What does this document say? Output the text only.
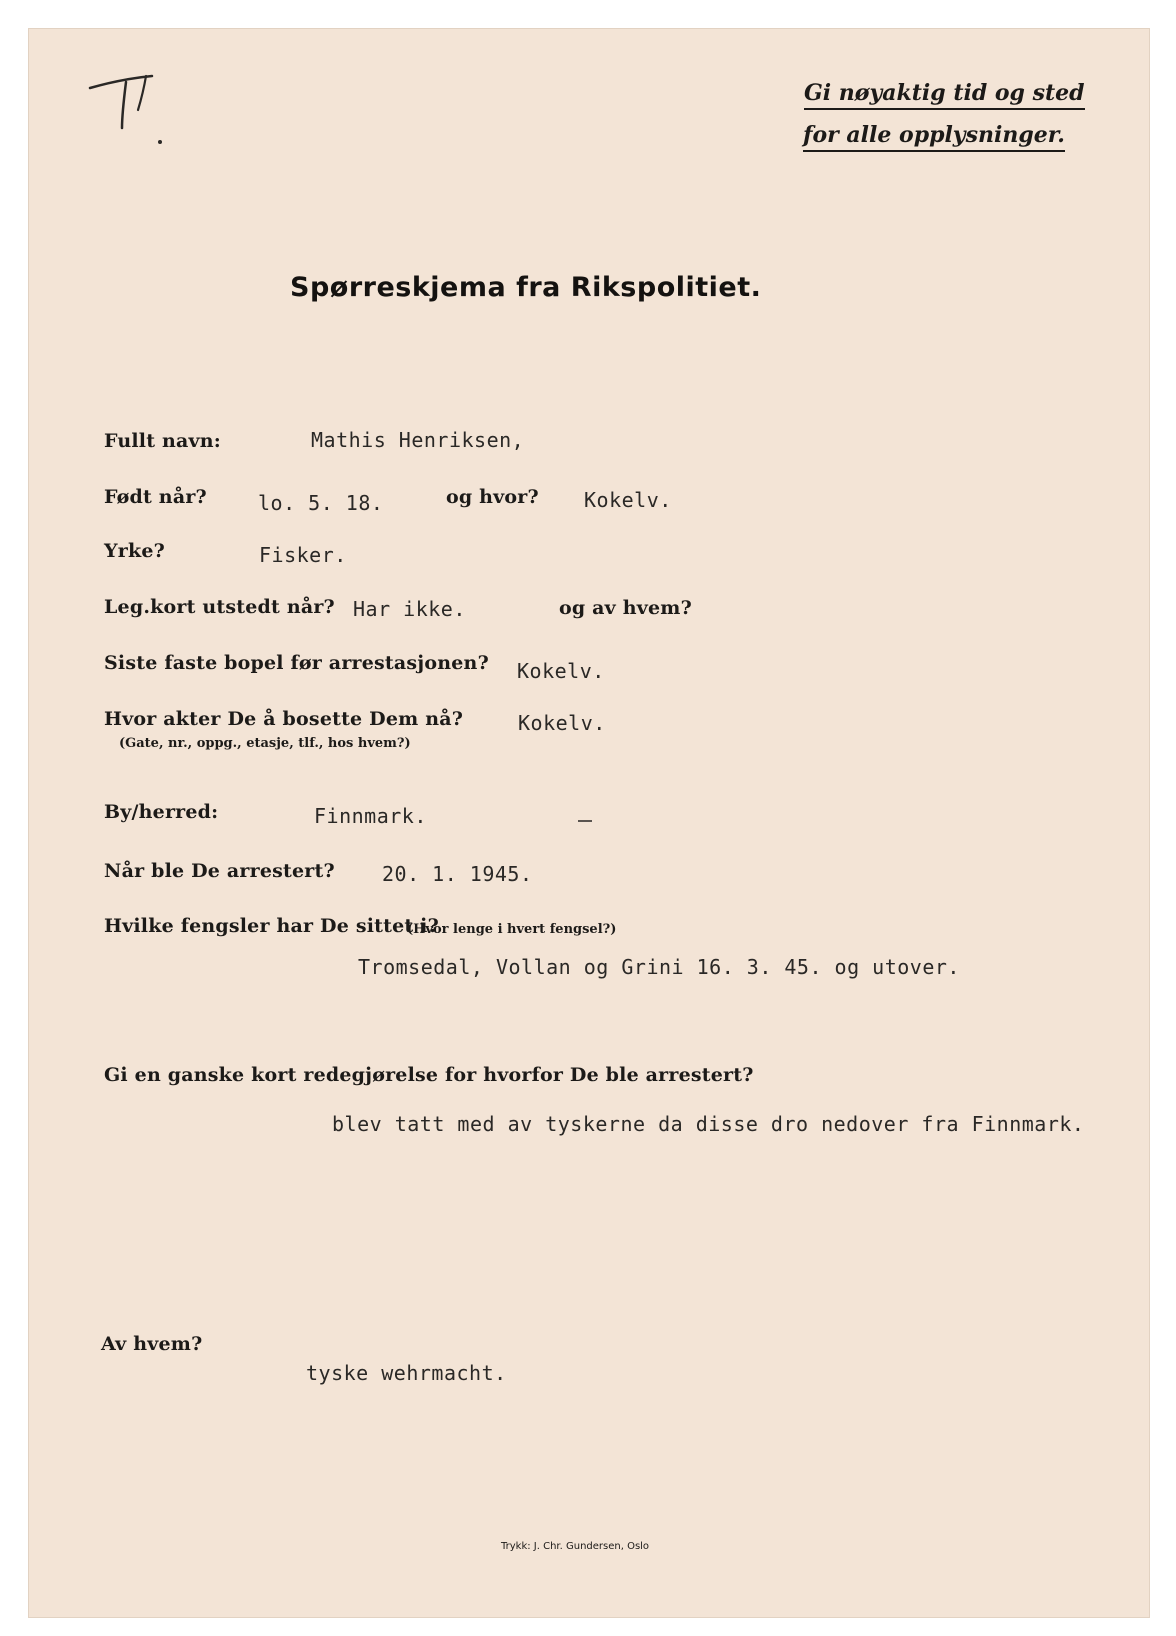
Gi nøyaktig tid og sted
for alle opplysninger.
Spørreskjema fra Rikspolitiet.
Fullt navn:	Mathis Henriksen,
Født når?	lo. 5. 18.	og hvor? Kokelv.
Yrke?	Fisker.
Leg.kort utstedt når? Har ikke.	og av hvem?
Siste faste bopel før arrestasjonen? Kokelv.
Hvor akter De å bosette Dem nå?
(Gate, nr., oppg., etasje, tlf., hos hvem?)
Kokelv.
By/herred:	Finnmark.
Når ble De arrestert? 20. 1. 1945.
Hvilke fengsler har De sittet i?
(Hvor lenge i hvert fengsel?)
Tromsedal, Vollan og Grini 16. 3. 45. og utover.
Gi en ganske kort redegjørelse for hvorfor De ble arrestert?
blev tatt med av tyskerne da disse dro nedover fra Finnmark.
Av hvem?
tyske wehrmacht.
Trykk: J. Chr. Gundersen, Oslo
